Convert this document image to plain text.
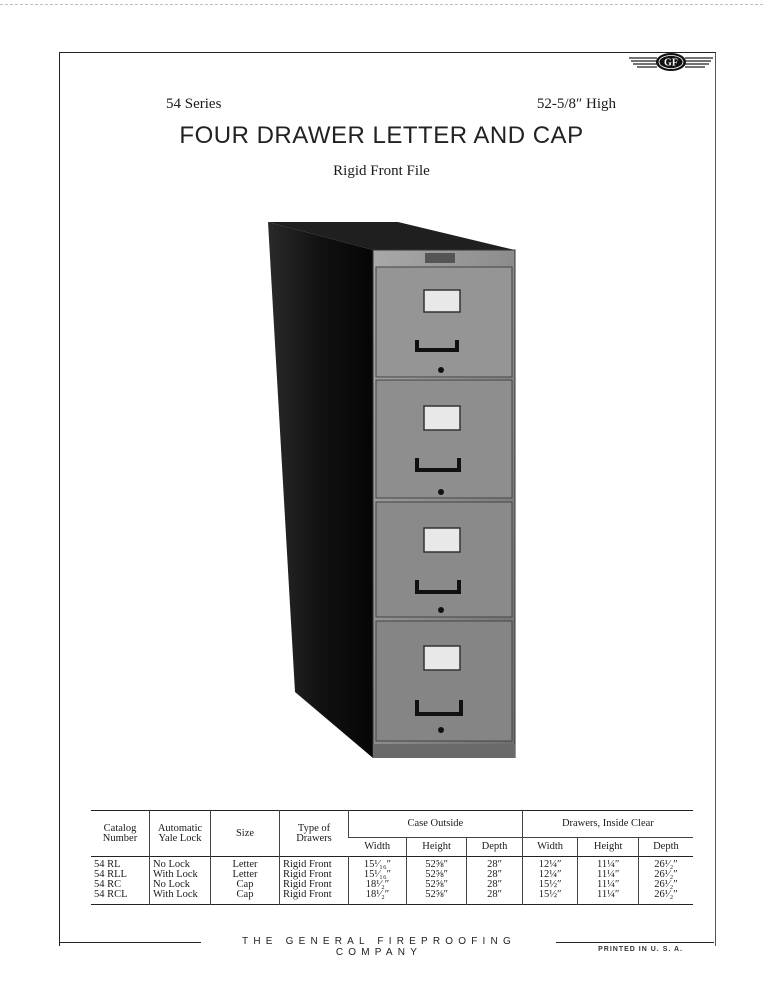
GF
54 Series	52-5/8″ High
FOUR DRAWER LETTER AND CAP
Rigid Front File
Catalog Number	Automatic Yale Lock	Size	Type of Drawers	Case Outside			Drawers, Inside Clear		
				Width	Height	Depth	Width	Height	Depth
54 RL	No Lock	Letter	Rigid Front	15¹⁄₁₆″	52⅝″	28″	12¼″	11¼″	26¹⁄₂″
54 RLL	With Lock	Letter	Rigid Front	15¹⁄₁₆″	52⅝″	28″	12¼″	11¼″	26¹⁄₂″
54 RC	No Lock	Cap	Rigid Front	18¹⁄₂″	52⅝″	28″	15½″	11¼″	26¹⁄₂″
54 RCL	With Lock	Cap	Rigid Front	18¹⁄₂″	52⅝″	28″	15½″	11¼″	26¹⁄₂″
THE GENERAL FIREPROOFING COMPANY	PRINTED IN U. S. A.
